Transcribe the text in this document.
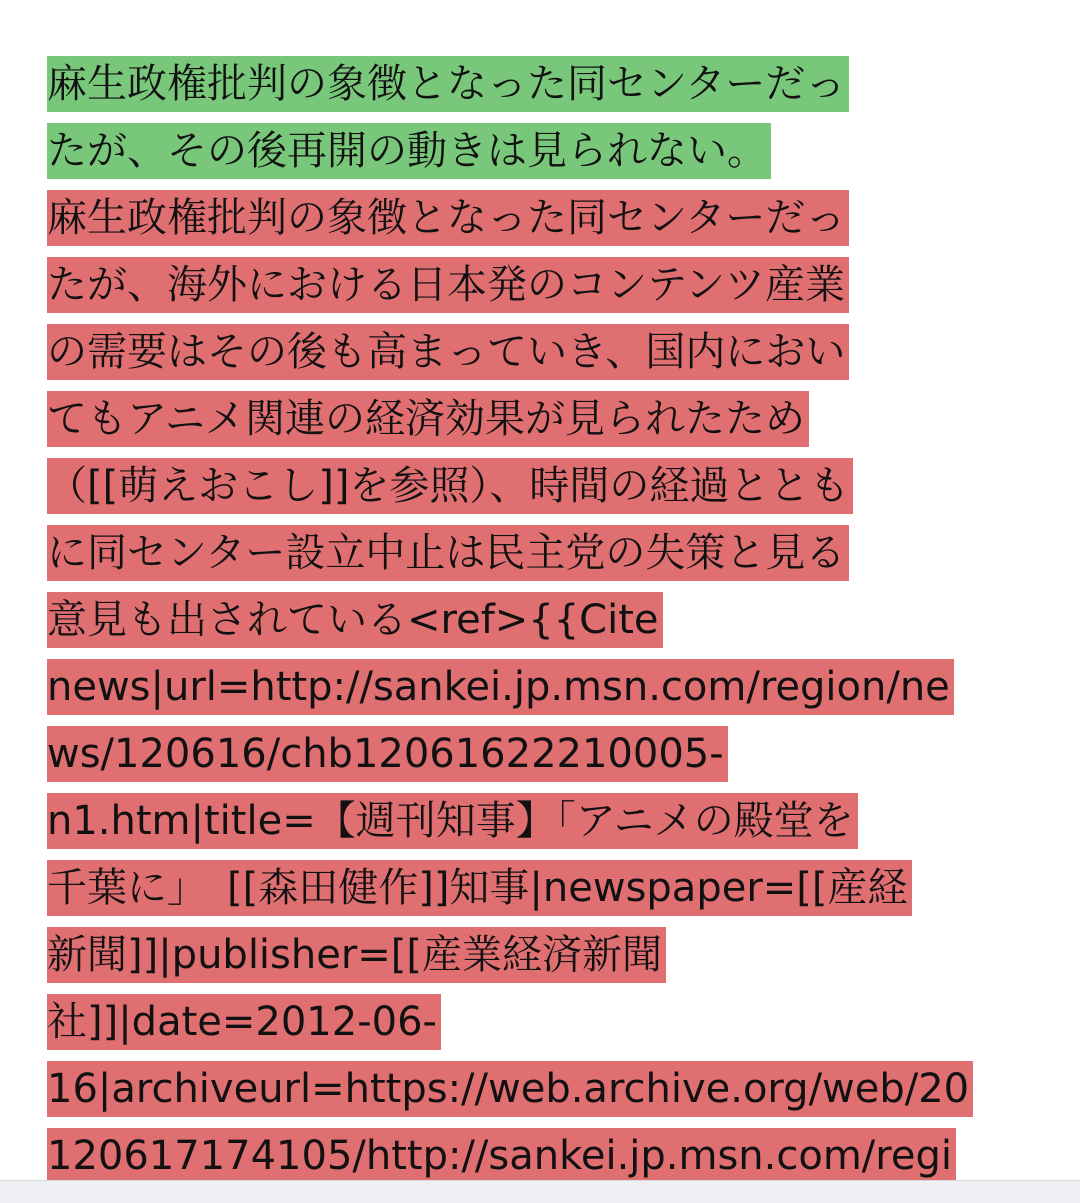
麻生政権批判の象徴となった同センターだっ
たが、その後再開の動きは見られない。
麻生政権批判の象徴となった同センターだっ
たが、海外における日本発のコンテンツ産業
の需要はその後も高まっていき、国内におい
てもアニメ関連の経済効果が見られたため
（[[萌えおこし]]を参照）、時間の経過ととも
に同センター設立中止は民主党の失策と見る
意見も出されている<ref>{{Cite
news|url=http://sankei.jp.msn.com/region/ne
ws/120616/chb12061622210005-
n1.htm|title=【週刊知事】「アニメの殿堂を
千葉に」　[[森田健作]]知事|newspaper=[[産経
新聞]]|publisher=[[産業経済新聞
社]]|date=2012-06-
16|archiveurl=https://web.archive.org/web/20
120617174105/http://sankei.jp.msn.com/regi
